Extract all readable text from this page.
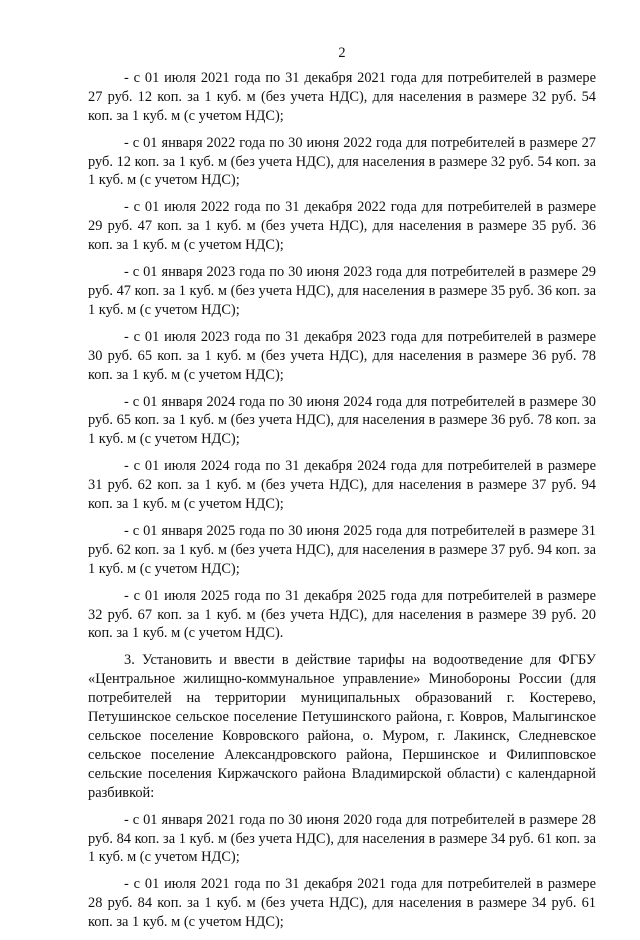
2

- с 01 июля 2021 года по 31 декабря 2021 года для потребителей в размере 27 руб. 12 коп. за 1 куб. м (без учета НДС), для населения в размере 32 руб. 54 коп. за 1 куб. м (с учетом НДС);

- с 01 января 2022 года по 30 июня 2022 года для потребителей в размере 27 руб. 12 коп. за 1 куб. м (без учета НДС), для населения в размере 32 руб. 54 коп. за 1 куб. м (с учетом НДС);

- с 01 июля 2022 года по 31 декабря 2022 года для потребителей в размере 29 руб. 47 коп. за 1 куб. м (без учета НДС), для населения в размере 35 руб. 36 коп. за 1 куб. м (с учетом НДС);

- с 01 января 2023 года по 30 июня 2023 года для потребителей в размере 29 руб. 47 коп. за 1 куб. м (без учета НДС), для населения в размере 35 руб. 36 коп. за 1 куб. м (с учетом НДС);

- с 01 июля 2023 года по 31 декабря 2023 года для потребителей в размере 30 руб. 65 коп. за 1 куб. м (без учета НДС), для населения в размере 36 руб. 78 коп. за 1 куб. м (с учетом НДС);

- с 01 января 2024 года по 30 июня 2024 года для потребителей в размере 30 руб. 65 коп. за 1 куб. м (без учета НДС), для населения в размере 36 руб. 78 коп. за 1 куб. м (с учетом НДС);

- с 01 июля 2024 года по 31 декабря 2024 года для потребителей в размере 31 руб. 62 коп. за 1 куб. м (без учета НДС), для населения в размере 37 руб. 94 коп. за 1 куб. м (с учетом НДС);

- с 01 января 2025 года по 30 июня 2025 года для потребителей в размере 31 руб. 62 коп. за 1 куб. м (без учета НДС), для населения в размере 37 руб. 94 коп. за 1 куб. м (с учетом НДС);

- с 01 июля 2025 года по 31 декабря 2025 года для потребителей в размере 32 руб. 67 коп. за 1 куб. м (без учета НДС), для населения в размере 39 руб. 20 коп. за 1 куб. м (с учетом НДС).

3. Установить и ввести в действие тарифы на водоотведение для ФГБУ «Центральное жилищно-коммунальное управление» Минобороны России (для потребителей на территории муниципальных образований г. Костерево, Петушинское сельское поселение Петушинского района, г. Ковров, Малыгинское сельское поселение Ковровского района, о. Муром, г. Лакинск, Следневское сельское поселение Александровского района, Першинское и Филипповское сельские поселения Киржачского района Владимирской области) с календарной разбивкой:

- с 01 января 2021 года по 30 июня 2020 года для потребителей в размере 28 руб. 84 коп. за 1 куб. м (без учета НДС), для населения в размере 34 руб. 61 коп. за 1 куб. м (с учетом НДС);

- с 01 июля 2021 года по 31 декабря 2021 года для потребителей в размере 28 руб. 84 коп. за 1 куб. м (без учета НДС), для населения в размере 34 руб. 61 коп. за 1 куб. м (с учетом НДС);
